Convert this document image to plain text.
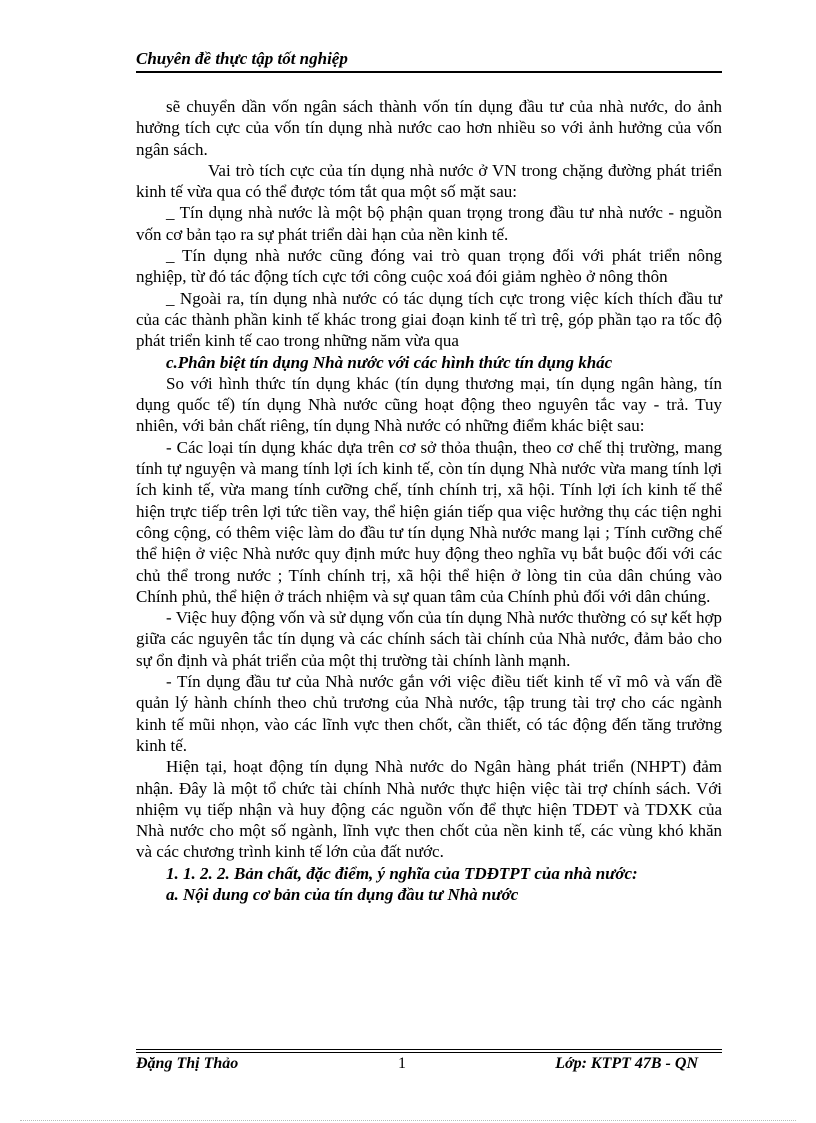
Chuyên đề thực tập tốt nghiệp

sẽ chuyển dần vốn ngân sách thành vốn tín dụng đầu tư của nhà nước, do ảnh hưởng tích cực của vốn tín dụng nhà nước cao hơn nhiều so với ảnh hưởng của vốn ngân sách.

Vai trò tích cực của tín dụng nhà nước ở VN trong chặng đường phát triển kinh tế vừa qua có thể được tóm tắt qua một số mặt sau:

_ Tín dụng nhà nước là một bộ phận quan trọng trong đầu tư nhà nước - nguồn vốn cơ bản tạo ra sự phát triển dài hạn của nền kinh tế.

_ Tín dụng nhà nước cũng đóng vai trò quan trọng đối với phát triển nông nghiệp, từ đó tác động tích cực tới công cuộc xoá đói giảm nghèo ở nông thôn

_ Ngoài ra, tín dụng nhà nước có tác dụng tích cực trong việc kích thích đầu tư của các thành phần kinh tế khác trong giai đoạn kinh tế trì trệ, góp phần tạo ra tốc độ phát triển kinh tế cao trong những năm vừa qua

c.Phân biệt tín dụng Nhà nước với các hình thức tín dụng khác

So với hình thức tín dụng khác (tín dụng thương mại, tín dụng ngân hàng, tín dụng quốc tế) tín dụng Nhà nước cũng hoạt động theo nguyên tắc vay - trả. Tuy nhiên, với bản chất riêng, tín dụng Nhà nước có những điểm khác biệt sau:

- Các loại tín dụng khác dựa trên cơ sở thỏa thuận, theo cơ chế thị trường, mang tính tự nguyện và mang tính lợi ích kinh tế, còn tín dụng Nhà nước vừa mang tính lợi ích kinh tế, vừa mang tính cưỡng chế, tính chính trị, xã hội. Tính lợi ích kinh tế thể hiện trực tiếp trên lợi tức tiền vay, thể hiện gián tiếp qua việc hưởng thụ các tiện nghi công cộng, có thêm việc làm do đầu tư tín dụng Nhà nước mang lại ; Tính cưỡng chế thể hiện ở việc Nhà nước quy định mức huy động theo nghĩa vụ bắt buộc đối với các chủ thể trong nước ; Tính chính trị, xã hội thể hiện ở lòng tin của dân chúng vào Chính phủ, thể hiện ở trách nhiệm và sự quan tâm của Chính phủ đối với dân chúng.

- Việc huy động vốn và sử dụng vốn của tín dụng Nhà nước thường có sự kết hợp giữa các nguyên tắc tín dụng và các chính sách tài chính của Nhà nước, đảm bảo cho sự ổn định và phát triển của một thị trường tài chính lành mạnh.

- Tín dụng đầu tư của Nhà nước gắn với việc điều tiết kinh tế vĩ mô và vấn đề quản lý hành chính theo chủ trương của Nhà nước, tập trung tài trợ cho các ngành kinh tế mũi nhọn, vào các lĩnh vực then chốt, cần thiết, có tác động đến tăng trưởng kinh tế.

Hiện tại, hoạt động tín dụng Nhà nước do Ngân hàng phát triển (NHPT) đảm nhận. Đây là một tổ chức tài chính Nhà nước thực hiện việc tài trợ chính sách. Với nhiệm vụ tiếp nhận và huy động các nguồn vốn để thực hiện TDĐT và TDXK của Nhà nước cho một số ngành, lĩnh vực then chốt của nền kinh tế, các vùng khó khăn và các chương trình kinh tế lớn của đất nước.

1. 1. 2. 2. Bản chất, đặc điểm, ý nghĩa của TDĐTPT của nhà nước:

a. Nội dung cơ bản của tín dụng đầu tư Nhà nước

Đặng Thị Thảo	1	Lớp: KTPT 47B - QN
